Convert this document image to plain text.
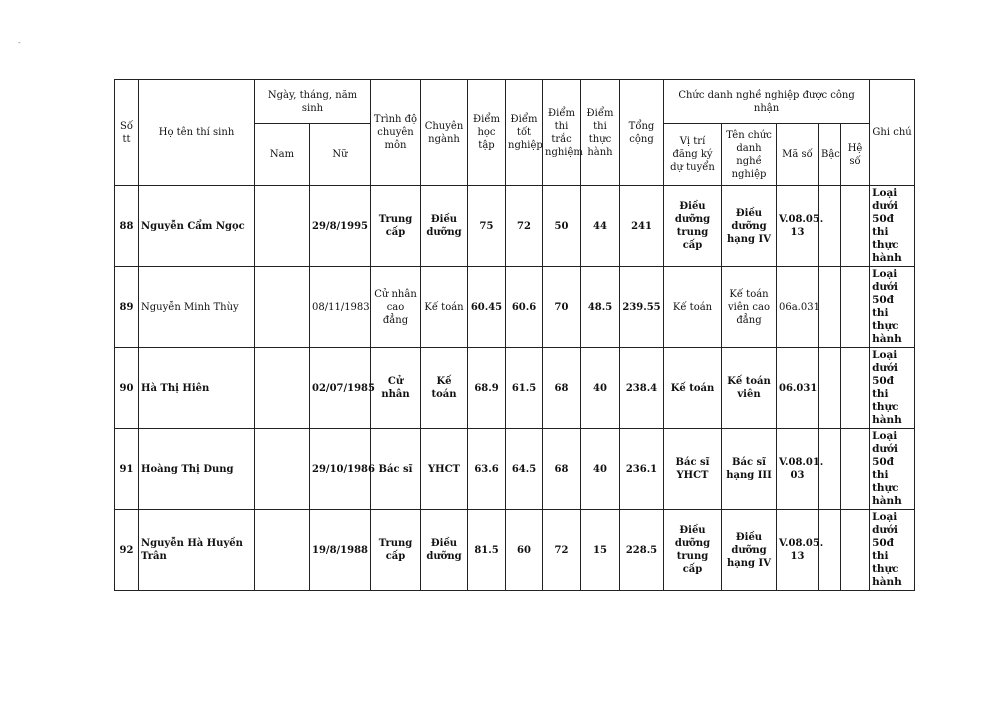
-
Số tt	Họ tên thí sinh	Ngày, tháng, năm sinh		Trình độ chuyên môn	Chuyên ngành	Điểm học tập	Điểm tốt nghiệp	Điểm thi trắc nghiệm	Điểm thi thực hành	Tổng cộng	Chức danh nghề nghiệp được công nhận					Ghi chú
		Nam	Nữ								Vị trí đăng ký dự tuyển	Tên chức danh nghề nghiệp	Mã số	Bậc	Hệ số	
88	Nguyễn Cẩm Ngọc		29/8/1995	Trung cấp	Điều dưỡng	75	72	50	44	241	Điều dưỡng trung cấp	Điều dưỡng hạng IV	V.08.05. 13			Loại dưới 50đ thi thực hành
89	Nguyễn Minh Thùy		08/11/1983	Cử nhân cao đẳng	Kế toán	60.45	60.6	70	48.5	239.55	Kế toán	Kế toán viên cao đẳng	06a.031			Loại dưới 50đ thi thực hành
90	Hà Thị Hiên		02/07/1985	Cử nhân	Kế toán	68.9	61.5	68	40	238.4	Kế toán	Kế toán viên	06.031			Loại dưới 50đ thi thực hành
91	Hoàng Thị Dung		29/10/1986	Bác sĩ	YHCT	63.6	64.5	68	40	236.1	Bác sĩ YHCT	Bác sĩ hạng III	V.08.01. 03			Loại dưới 50đ thi thực hành
92	Nguyễn Hà Huyền Trân		19/8/1988	Trung cấp	Điều dưỡng	81.5	60	72	15	228.5	Điều dưỡng trung cấp	Điều dưỡng hạng IV	V.08.05. 13			Loại dưới 50đ thi thực hành
